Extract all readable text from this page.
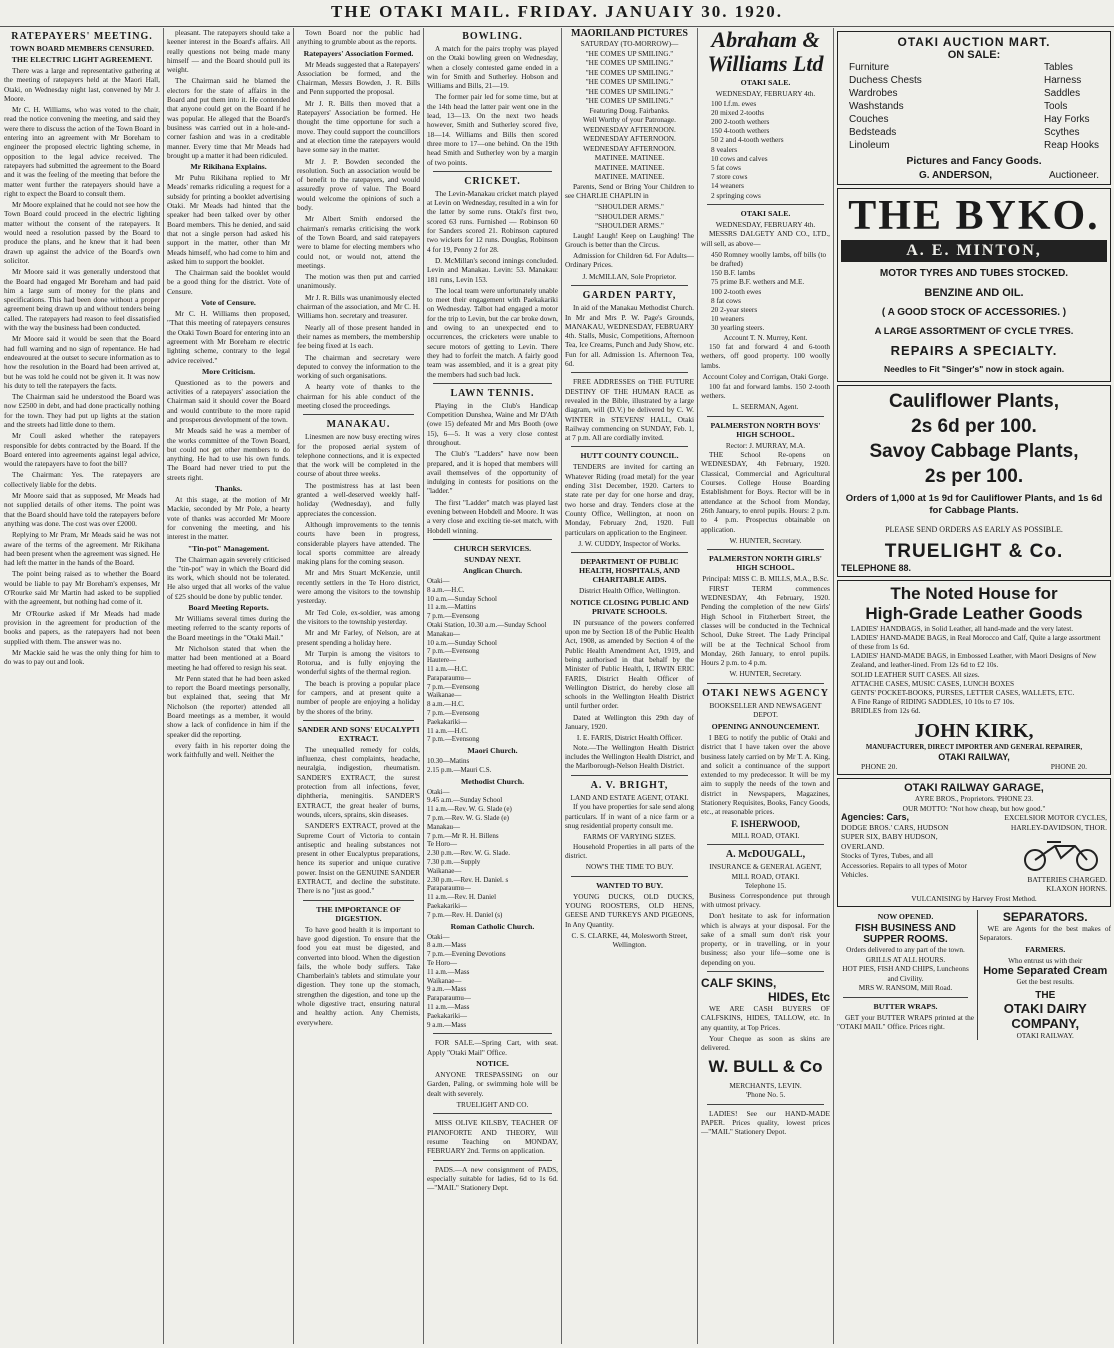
THE OTAKI MAIL. FRIDAY. JANUAIY 30. 1920.
RATEPAYERS' MEETING.
TOWN BOARD MEMBERS CENSURED.
THE ELECTRIC LIGHT AGREEMENT.

There was a large and representative gathering at the meeting of ratepayers held at the Maori Hall, Otaki, on Wednesday night last, convened by Mr J. Moore.

Mr C. H. Williams, who was voted to the chair, read the notice convening the meeting, and said they were there to discuss the action of the Town Board in entering into an agreement with Mr Boreham to engineer the proposed electric lighting scheme, in opposition to the legal advice received. The ratepayers had submitted the agreement to the Board and it was the feeling of the meeting that before the matter went further the ratepayers should have a right to expect the Board to consult them.

Mr Moore explained that he could not see how the Town Board could proceed in the electric lighting matter without the consent of the ratepayers. It would need a resolution passed by the Board to produce the plans, and he knew that it had been drawn up against the advice of the Board's own solicitor.

Mr Moore said it was generally understood that the Board had engaged Mr Boreham and had paid him a large sum of money for the plans and specifications. This had been done without a proper agreement being drawn up and without tenders being called. The ratepayers had reason to feel dissatisfied with the way the business had been conducted.

Mr Moore said it would be seen that the Board had full warning and no sign of repentance. He had endeavoured at the outset to secure information as to how the resolution in the Board had been arrived at, but he was told he could not be given it. It was now his duty to tell the ratepayers the facts.

The Chairman said he understood the Board was now £2500 in debt, and had done practically nothing for the town. They had put up lights at the station and the streets had little done to them.

Mr Coull asked whether the ratepayers responsible for debts contracted by the Board. If the Board entered into agreements against legal advice, would the ratepayers have to foot the bill?

The Chairman: Yes. The ratepayers are collectively liable for the debts.

Mr Moore said that as supposed, Mr Meads had not supplied details of other items. The point was that the Board should have told the ratepayers before anything was done. The cost was over £2000.

Replying to Mr Pram, Mr Meads said he was not aware of the terms of the agreement. Mr Rikihana had been present when the agreement was signed. He had left the matter in the hands of the Board.

The point being raised as to whether the Board would be liable to pay Mr Boreham's expenses, Mr O'Rourke said Mr Martin had asked to be supplied with the agreement, but nothing had come of it.

Mr O'Rourke asked if Mr Meads had made provision in the agreement for production of the books and papers, as the ratepayers had not been supplied with them. The answer was no.

Mr Mackie said he was the only thing for him to do was to pay out and look.

pleasant. The ratepayers should take a keener interest in the Board's affairs. All really questions not being made many himself — and the Board should pull its weight.

The Chairman said he blamed the electors for the state of affairs in the Board and put them into it. He contended that anyone could get on the Board if he was popular. He alleged that the Board's business was carried out in a hole-and-corner fashion and was in a creditable manner. Every time that Mr Meads had brought up a matter it had been ridiculed.

Mr Rikihana Explains.

Mr Puhu Rikihana replied to Mr Meads' remarks ridiculing a request for a subsidy for printing a booklet advertising Otaki. Mr Meads had hinted that the speaker had been talked over by other Board members. This he denied, and said that not a single person had asked his support in the matter, other than Mr Meads himself, who had come to him and asked him to support the booklet.

The Chairman said the booklet would be a good thing for the district. Vote of Censure.

Vote of Censure.

Mr C. H. Williams then proposed, "That this meeting of ratepayers censures the Otaki Town Board for entering into an agreement with Mr Boreham re electric lighting scheme, contrary to the legal advice received."

More Criticism.

Questioned as to the powers and activities of a ratepayers' association the Chairman said it should cover the Board and would contribute to the more rapid and prosperous development of the town.

Mr Meads said he was a member of the works committee of the Town Board, but could not get other members to do anything. He had to use his own funds. The Board had never tried to put the streets right.

Thanks.

At this stage, at the motion of Mr Mackie, seconded by Mr Pole, a hearty vote of thanks was accorded Mr Moore for convening the meeting, and his interest in the matter.

"Tin-pot" Management.

The Chairman again severely criticised the "tin-pot" way in which the Board did its work, which should not be tolerated. He also urged that all works of the value of £25 should be done by public tender.

Board Meeting Reports.

Mr Williams several times during the meeting referred to the scanty reports of the Board meetings in the "Otaki Mail."

Mr Nicholson stated that when the matter had been mentioned at a Board meeting he had offered to resign his seat.

Mr Penn stated that he had been asked to report the Board meetings personally, but explained that, seeing that Mr Nicholson (the reporter) attended all Board meetings as a member, it would show a lack of confidence in him if the speaker did the reporting.

every faith in his reporter doing the work faithfully and well. Neither the

Town Board nor the public had anything to grumble about as the reports.

Ratepayers' Association Formed.

Mr Meads suggested that a Ratepayers' Association be formed, and the Chairman, Messrs Bowden, J. R. Bills and Penn supported the proposal.

Mr J. R. Bills then moved that a Ratepayers' Association be formed. He thought the time opportune for such a move. They could support the councillors and at election time the ratepayers would have some say in the matter.

Mr J. P. Bowden seconded the resolution. Such an association would be of benefit to the ratepayers, and would assuredly prove of value. The Board would welcome the opinions of such a body.

Mr Albert Smith endorsed the chairman's remarks criticising the work of the Town Board, and said ratepayers were to blame for electing members who could not, or would not, attend the meetings.

The motion was then put and carried unanimously.

Mr J. R. Bills was unanimously elected chairman of the association, and Mr C. H. Williams hon. secretary and treasurer.

Nearly all of those present handed in their names as members, the membership fee being fixed at 1s each.

The chairman and secretary were deputed to convey the information to the working of such organisations.

A hearty vote of thanks to the chairman for his able conduct of the meeting closed the proceedings.

MANAKAU.

Linesmen are now busy erecting wires for the proposed aerial system of telephone connections, and it is expected that the work will be completed in the course of about three weeks.

The postmistress has at last been granted a well-deserved weekly half-holiday (Wednesday), and fully appreciates the concession.

Although improvements to the tennis courts have been in progress, considerable players have attended. The local sports committee are already making plans for the coming season.

Mr and Mrs Stuart McKenzie, until recently settlers in the Te Horo district, were among the visitors to the township yesterday.

Mr Ted Cole, ex-soldier, was among the visitors to the township yesterday.

Mr and Mr Farley, of Nelson, are at present spending a holiday here.

Mr Turpin is among the visitors to Rotorua, and is fully enjoying the wonderful sights of the thermal region.

The beach is proving a popular place for campers, and at present quite a number of people are enjoying a holiday by the shores of the briny.

SANDER AND SONS' EUCALYPTI EXTRACT.

The unequalled remedy for colds, influenza, chest complaints, headache, neuralgia, indigestion, rheumatism. SANDER'S EXTRACT, the surest protection from all infections, fever, diphtheria, meningitis. SANDER'S EXTRACT, the great healer of burns, wounds, ulcers, sprains, skin diseases.

SANDER'S EXTRACT, proved at the Supreme Court of Victoria to contain antiseptic and healing substances not present in other Eucalyptus preparations, hence its superior and unique curative power. Insist on the GENUINE SANDER EXTRACT, and decline the substitute. There is no "just as good."

THE IMPORTANCE OF DIGESTION.

To have good health it is important to have good digestion. To ensure that the food you eat must be digested, and converted into blood. When the digestion fails, the whole body suffers. Take Chamberlain's tablets and stimulate your digestion. They tone up the stomach, strengthen the digestion, and tone up the whole digestive tract, ensuring natural and healthy action. Any Chemists, everywhere.

BOWLING.

A match for the pairs trophy was played on the Otaki bowling green on Wednesday, when a closely contested game ended in a win for Smith and Sutherley. Hobson and Williams and Bills, 21—19.

The former pair led for some time, but at the 14th head the latter pair went one in the lead, 13—13. On the next two heads however, Smith and Sutherley scored five, 18—14. Williams and Bills then scored three more to 17—one behind. On the 19th head Smith and Sutherley won by a margin of two points.

CRICKET.

The Levin-Manakau cricket match played at Levin on Wednesday, resulted in a win for the latter by some runs. Otaki's first two, scored 63 runs. Furnished — Robinson 60 for Sanders scored 21. Robinson captured two wickets for 12 runs. Douglas, Robinson 4 for 19, Penny 2 for 28.

D. McMillan's second innings concluded. Levin and Manakau. Levin: 53. Manakau: 181 runs, Levin 153.

The local team were unfortunately unable to meet their engagement with Paekakariki on Wednesday. Talbot had engaged a motor for the trip to Levin, but the car broke down, and owing to an unexpected end to occurrences, the cricketers were unable to secure motors of getting to Levin. There they had to forfeit the match. A fairly good team was assembled, and it is a great pity the members had such bad luck.

LAWN TENNIS.

Playing in the Club's Handicap Competition Dunshea, Waine and Mr D'Ath (owe 15) defeated Mr and Mrs Booth (owe 15), 6—5. It was a very close contest throughout.

The Club's "Ladders" have now been prepared, and it is hoped that members will avail themselves of the opportunity of indulging in contests for positions on the "ladder."

The first "Ladder" match was played last evening between Hobdell and Moore. It was a very close and exciting tie-set match, with Hobdell winning.

CHURCH SERVICES.
SUNDAY NEXT.
Anglican Church.
Otaki—
8 a.m.—H.C.
10 a.m.—Sunday School
11 a.m.—Mattins
7 p.m.—Evensong
Otaki Station, 10.30 a.m.—Sunday School
Manakau—
10 a.m.—Sunday School
7 p.m.—Evensong
Hautere—
11 a.m.—H.C.
Paraparaumu—
7 p.m.—Evensong
Waikanae—
8 a.m.—H.C.
7 p.m.—Evensong
Paekakariki—
11 a.m.—H.C.
7 p.m.—Evensong
Maori Church.
10.30—Matins
2.15 p.m.—Mauri C.S.
Methodist Church.
Otaki—
9.45 a.m.—Sunday School
11 a.m.—Rev. W. G. Slade (e)
7 p.m.—Rev. W. G. Slade (e)
Manakau—
7 p.m.—Mr R. H. Billens
Te Horo—
2.30 p.m.—Rev. W. G. Slade.
7.30 p.m.—Supply
Waikanae—
2.30 p.m.—Rev. H. Daniel. s
Paraparaumu—
11 a.m.—Rev. H. Daniel
Paekakariki—
7 p.m.—Rev. H. Daniel (s)
Roman Catholic Church.
Otaki—
8 a.m.—Mass
7 p.m.—Evening Devotions
Te Horo—
11 a.m.—Mass
Waikanae—
9 a.m.—Mass
Paraparaumu—
11 a.m.—Mass
Paekakariki—
9 a.m.—Mass

FOR SALE.—Spring Cart, with seat. Apply "Otaki Mail" Office.

NOTICE.

ANYONE TRESPASSING on our Garden, Paling, or swimming hole will be dealt with severely.

TRUELIGHT AND CO.

MISS OLIVE KILSBY, TEACHER OF PIANOFORTE AND THEORY, Will resume Teaching on MONDAY, FEBRUARY 2nd. Terms on application.

PADS.—A new consignment of PADS, especially suitable for ladies, 6d to 1s 6d.—"MAIL" Stationery Dept.

MAORILAND PICTURES
SATURDAY (TO-MORROW)—
"HE COMES UP SMILING."
"HE COMES UP SMILING."
"HE COMES UP SMILING."
"HE COMES UP SMILING."
"HE COMES UP SMILING."
"HE COMES UP SMILING."
Featuring Doug. Fairbanks.
Well Worthy of your Patronage.
WEDNESDAY AFTERNOON.
WEDNESDAY AFTERNOON.
WEDNESDAY AFTERNOON.
MATINEE. MATINEE.
MATINEE. MATINEE.
MATINEE. MATINEE.

Parents, Send or Bring Your Children to see CHARLIE CHAPLIN in

"SHOULDER ARMS."
"SHOULDER ARMS."
"SHOULDER ARMS."

Laugh! Laugh! Keep on Laughing! The Grouch is better than the Circus.

Admission for Children 6d. For Adults—Ordinary Prices.

J. McMILLAN, Sole Proprietor.
GARDEN PARTY,

In aid of the Manakau Methodist Church. In Mr and Mrs P. W. Page's Grounds, MANAKAU, WEDNESDAY, FEBRUARY 4th. Stalls, Music, Competitions, Afternoon Tea, Ice Creams, Punch and Judy Show, etc. Fun for all. Admission 1s. Afternoon Tea, 6d.

FREE ADDRESSES on THE FUTURE DESTINY OF THE HUMAN RACE as revealed in the Bible, illustrated by a large diagram, will (D.V.) be delivered by C. W. WINTER in STEVENS' HALL, Otaki Railway commencing on SUNDAY, Feb. 1, at 7 p.m. All are cordially invited.

HUTT COUNTY COUNCIL.

TENDERS are invited for carting an Whatever Riding (road metal) for the year ending 31st December, 1920. Carters to state rate per day for one horse and dray, two horse and dray. Tenders close at the County Office, Wellington, at noon on Monday, February 2nd, 1920. Full particulars on application to the Engineer.

J. W. CUDDY, Inspector of Works.
DEPARTMENT OF PUBLIC HEALTH, HOSPITALS, AND CHARITABLE AIDS.
District Health Office, Wellington.
NOTICE CLOSING PUBLIC AND PRIVATE SCHOOLS.

IN pursuance of the powers conferred upon me by Section 18 of the Public Health Act, 1908, as amended by Section 4 of the Public Health Amendment Act, 1919, and being authorised in that behalf by the Minister of Public Health, I, IRWIN ERIC FARIS, District Health Officer of Wellington District, do hereby close all schools in the Wellington Health District until further order.

Dated at Wellington this 29th day of January, 1920.

I. E. FARIS, District Health Officer.

Note.—The Wellington Health District includes the Wellington Health District, and the Marlborough-Nelson Health District.

A. V. BRIGHT,
LAND AND ESTATE AGENT, OTAKI.

If you have properties for sale send along particulars. If in want of a nice farm or a snug residential property consult me.

FARMS OF VARYING SIZES.

Household Properties in all parts of the district.

NOW'S THE TIME TO BUY.
WANTED TO BUY.

YOUNG DUCKS, OLD DUCKS, YOUNG ROOSTERS, OLD HENS, GEESE AND TURKEYS AND PIGEONS, In Any Quantity.

C. S. CLARKE, 44, Molesworth Street, Wellington.
Abraham & Williams Ltd
OTAKI SALE.
WEDNESDAY, FEBRUARY 4th.
100 I.f.m. ewes
20 mixed 2-tooths
200 2-tooth wethers
150 4-tooth wethers
50 2 and 4-tooth wethers
8 vealers
10 cows and calves
5 fat cows
7 store cows
14 weaners
2 springing cows
OTAKI SALE.
WEDNESDAY, FEBRUARY 4th.

MESSRS DALGETY AND CO., LTD., will sell, as above—

450 Romney woolly lambs, off bills (to be drafted)
150 B.F. lambs
75 prime B.F. wethers and M.E.
100 2-tooth ewes
8 fat cows
20 2-year steers
10 weaners
30 yearling steers.
Account T. N. Murrey, Kent.

150 fat and forward 4 and 6-tooth wethers, off good property. 100 woolly lambs.

Account Coley and Corrigan, Otaki Gorge.

100 fat and forward lambs. 150 2-tooth wethers.

L. SEERMAN, Agent.
PALMERSTON NORTH BOYS' HIGH SCHOOL.
Rector: J. MURRAY, M.A.

THE School Re-opens on WEDNESDAY, 4th February, 1920. Classical, Commercial and Agricultural Courses. College House Boarding Establishment for Boys. Rector will be in attendance at the School from Monday, 26th January, to enrol pupils. Hours: 2 p.m. to 4 p.m. Prospectus obtainable on application.

W. HUNTER, Secretary.
PALMERSTON NORTH GIRLS' HIGH SCHOOL.
Principal: MISS C. B. MILLS, M.A., B.Sc.

FIRST TERM commences WEDNESDAY, 4th February, 1920. Pending the completion of the new Girls' High School in Fitzherbert Street, the classes will be conducted in the Technical School, Duke Street. The Lady Principal will be at the Technical School from Monday, 26th January, to enrol pupils. Hours 2 p.m. to 4 p.m.

W. HUNTER, Secretary.
OTAKI NEWS AGENCY
BOOKSELLER AND NEWSAGENT DEPOT.
OPENING ANNOUNCEMENT.

I BEG to notify the public of Otaki and district that I have taken over the above business lately carried on by Mr T. A. King, and solicit a continuance of the support extended to my predecessor. It will be my aim to supply the needs of the town and district in Newspapers, Magazines, Stationery Requisites, Books, Fancy Goods, etc., at reasonable prices.

F. ISHERWOOD,
MILL ROAD, OTAKI.
A. McDOUGALL,
INSURANCE & GENERAL AGENT,
MILL ROAD, OTAKI.
Telephone 15.

Business Correspondence put through with utmost privacy.

Don't hesitate to ask for information which is always at your disposal. For the sake of a small sum don't risk your property, or in travelling, or in your business; also your life—some one is depending on you.

CALF SKINS,
HIDES, Etc

WE ARE CASH BUYERS OF CALFSKINS, HIDES, TALLOW, etc. In any quantity, at Top Prices.

Your Cheque as soon as skins are delivered.

W. BULL & Co
MERCHANTS, LEVIN.
'Phone No. 5.

LADIES! See our HAND-MADE PAPER. Prices quality, lowest prices—"MAIL" Stationery Depot.

OTAKI AUCTION MART.
ON SALE:
Furniture
Duchess Chests
Wardrobes
Washstands
Couches
Bedsteads
Linoleum
Tables
Harness
Saddles
Tools
Hay Forks
Scythes
Reap Hooks
Pictures and Fancy Goods.
G. ANDERSON,	Auctioneer.
THE BYKO.
A. E. MINTON,
MOTOR TYRES AND TUBES STOCKED.
BENZINE AND OIL.
( A GOOD STOCK OF ACCESSORIES. )
A LARGE ASSORTMENT OF CYCLE TYRES.
REPAIRS A SPECIALTY.
Needles to Fit "Singer's" now in stock again.
Cauliflower Plants,
2s 6d per 100.
Savoy Cabbage Plants,
2s per 100.
Orders of 1,000 at 1s 9d for Cauliflower Plants, and 1s 6d for Cabbage Plants.
PLEASE SEND ORDERS AS EARLY AS POSSIBLE.
TRUELIGHT & Co.
TELEPHONE 88.
The Noted House for
High-Grade Leather Goods
LADIES' HANDBAGS, in Solid Leather, all hand-made and the very latest.
LADIES' HAND-MADE BAGS, in Real Morocco and Calf, Quite a large assortment of these from 1s 6d.
LADIES' HAND-MADE BAGS, in Embossed Leather, with Maori Designs of New Zealand, and leather-lined. From 12s 6d to £2 10s.
SOLID LEATHER SUIT CASES. All sizes.
ATTACHE CASES, MUSIC CASES, LUNCH BOXES
GENTS' POCKET-BOOKS, PURSES, LETTER CASES, WALLETS, ETC.
A Fine Range of RIDING SADDLES, 10 10s to £7 10s.
BRIDLES from 12s 6d.
JOHN KIRK,
MANUFACTURER, DIRECT IMPORTER AND GENERAL REPAIRER,
OTAKI RAILWAY,
PHONE 20.	PHONE 20.
OTAKI RAILWAY GARAGE,
AYRE BROS., Proprietors. 'PHONE 23.
OUR MOTTO: "Not how cheap, but how good."
Agencies: Cars,
DODGE BROS.' CARS, HUDSON SUPER SIX, BABY HUDSON, OVERLAND.
Stocks of Tyres, Tubes, and all Accessories. Repairs to all types of Motor Vehicles.
EXCELSIOR MOTOR CYCLES, HARLEY-DAVIDSON, THOR.
BATTERIES CHARGED.
KLAXON HORNS.
VULCANISING by Harvey Frost Method.
NOW OPENED.
FISH BUSINESS AND SUPPER ROOMS.
Orders delivered to any part of the town.
GRILLS AT ALL HOURS.
HOT PIES, FISH AND CHIPS, Luncheons and Civility.
MRS W. RANSOM, Mill Road.
BUTTER WRAPS.

GET your BUTTER WRAPS printed at the "OTAKI MAIL" Office. Prices right.

SEPARATORS.

WE are Agents for the best makes of Separators.

FARMERS.
Who entrust us with their
Home Separated Cream
Get the best results.
THE
OTAKI DAIRY COMPANY,
OTAKI RAILWAY.
